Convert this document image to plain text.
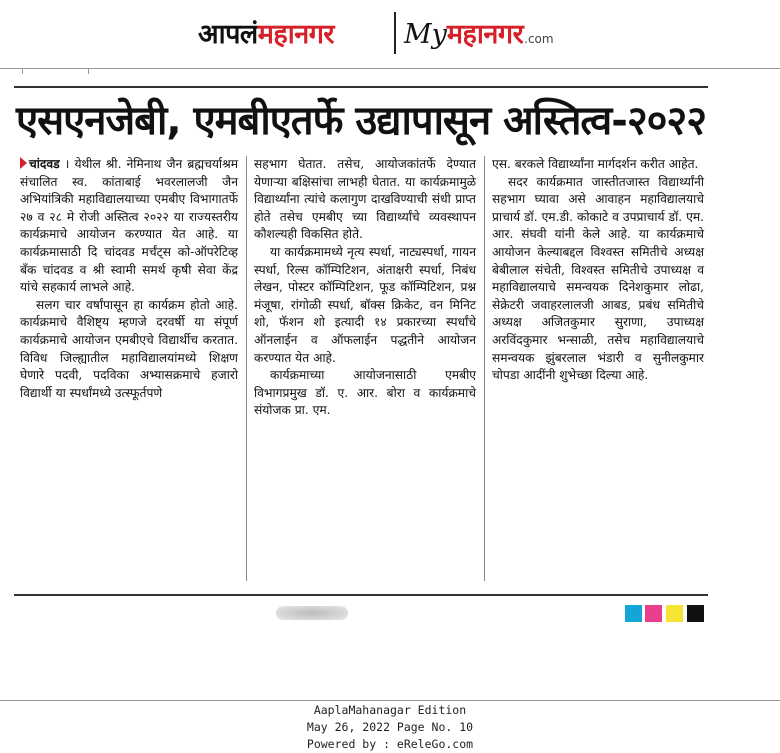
आपलंमहानगर	Myमहानगर.com
एसएनजेबी, एमबीएतर्फे उद्यापासून अस्तित्व-२०२२

चांदवड । येथील श्री. नेमिनाथ जैन ब्रह्मचर्याश्रम संचालित स्व. कांताबाई भवरलालजी जैन अभियांत्रिकी महाविद्यालयाच्या एमबीए विभागातर्फे २७ व २८ मे रोजी अस्तित्व २०२२ या राज्यस्तरीय कार्यक्रमाचे आयोजन करण्यात येत आहे. या कार्यक्रमासाठी दि चांदवड मर्चंट्स को-ऑपरेटिव्ह बँक चांदवड व श्री स्वामी समर्थ कृषी सेवा केंद्र यांचे सहकार्य लाभले आहे.

सलग चार वर्षांपासून हा कार्यक्रम होतो आहे. कार्यक्रमाचे वैशिष्ट्य म्हणजे दरवर्षी या संपूर्ण कार्यक्रमाचे आयोजन एमबीएचे विद्यार्थीच करतात. विविध जिल्ह्यातील महाविद्यालयांमध्ये शिक्षण घेणारे पदवी, पदविका अभ्यासक्रमाचे हजारो विद्यार्थी या स्पर्धांमध्ये उत्स्फूर्तपणे

सहभाग घेतात. तसेच, आयोजकांतर्फे देण्यात येणाऱ्या बक्षिसांचा लाभही घेतात. या कार्यक्रमामुळे विद्यार्थ्यांना त्यांचे कलागुण दाखविण्याची संधी प्राप्त होते तसेच एमबीए च्या विद्यार्थ्यांचे व्यवस्थापन कौशल्यही विकसित होते.

या कार्यक्रमामध्ये नृत्य स्पर्धा, नाट्यस्पर्धा, गायन स्पर्धा, रिल्स कॉम्पिटिशन, अंताक्षरी स्पर्धा, निबंध लेखन, पोस्टर कॉम्पिटिशन, फूड कॉम्पिटिशन, प्रश्न मंजूषा, रांगोळी स्पर्धा, बॉक्स क्रिकेट, वन मिनिट शो, फॅशन शो इत्यादी १४ प्रकारच्या स्पर्धांचे ऑनलाईन व ऑफलाईन पद्धतीने आयोजन करण्यात येत आहे.

कार्यक्रमाच्या आयोजनासाठी एमबीए विभागप्रमुख डॉ. ए. आर. बोरा व कार्यक्रमाचे संयोजक प्रा. एम.

एस. बरकले विद्यार्थ्यांना मार्गदर्शन करीत आहेत.

सदर कार्यक्रमात जास्तीतजास्त विद्यार्थ्यांनी सहभाग घ्यावा असे आवाहन महाविद्यालयाचे प्राचार्य डॉ. एम.डी. कोकाटे व उपप्राचार्य डॉ. एम. आर. संघवी यांनी केले आहे. या कार्यक्रमाचे आयोजन केल्याबद्दल विश्वस्त समितीचे अध्यक्ष बेबीलाल संचेती, विश्वस्त समितीचे उपाध्यक्ष व महाविद्यालयाचे समन्वयक दिनेशकुमार लोढा, सेक्रेटरी जवाहरलालजी आबड, प्रबंध समितीचे अध्यक्ष अजितकुमार सुराणा, उपाध्यक्ष अरविंदकुमार भन्साळी, तसेच महाविद्यालयाचे समन्वयक झुंबरलाल भंडारी व सुनीलकुमार चोपडा आदींनी शुभेच्छा दिल्या आहे.

AaplaMahanagar Edition
May 26, 2022 Page No. 10
Powered by : eReleGo.com
